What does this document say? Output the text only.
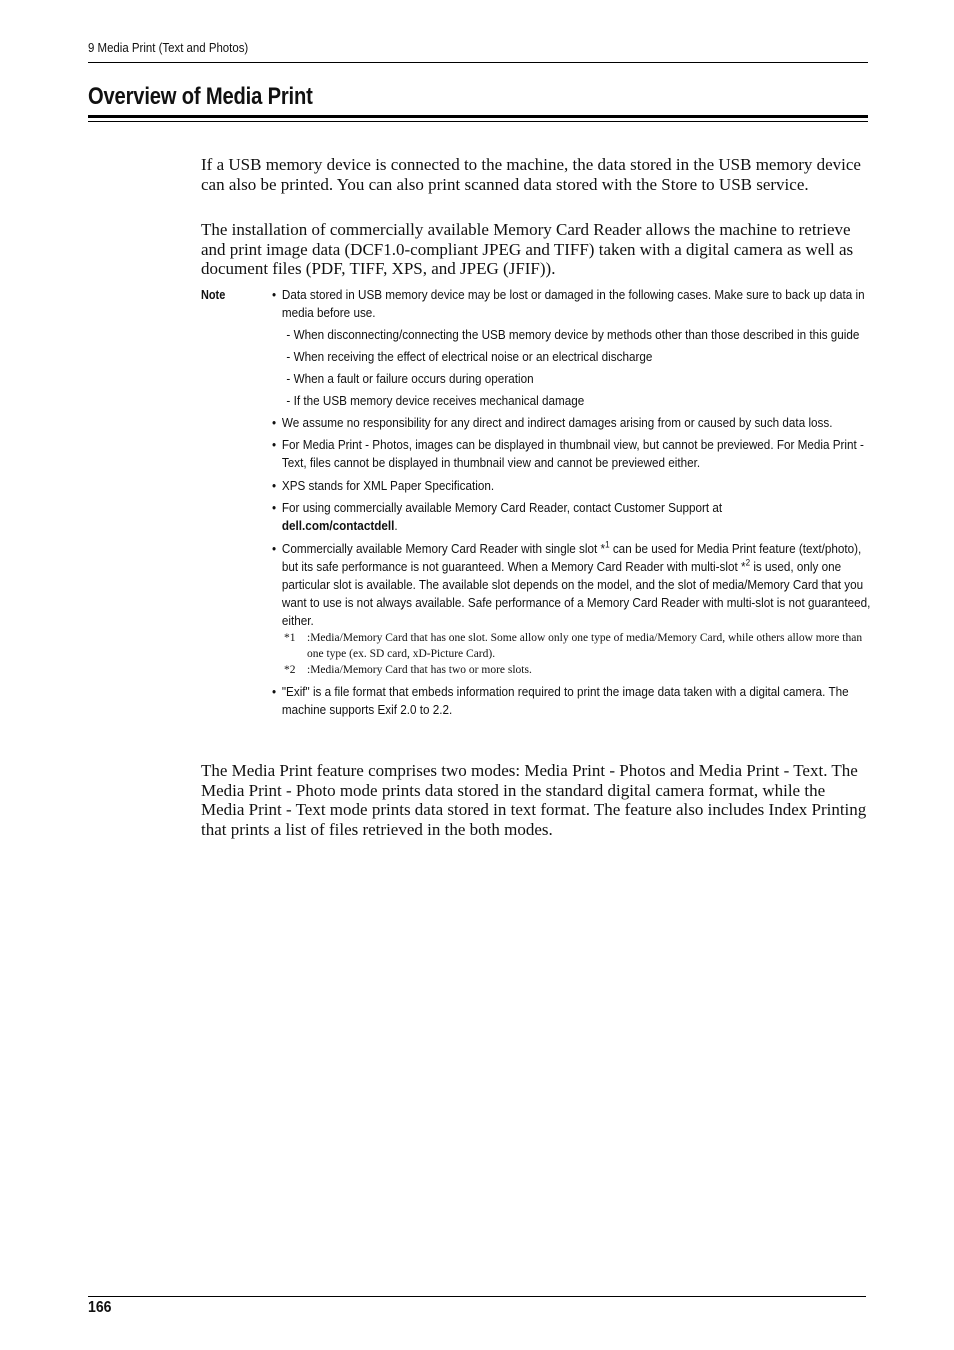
9 Media Print (Text and Photos)
Overview of Media Print

If a USB memory device is connected to the machine, the data stored in the USB memory device can also be printed. You can also print scanned data stored with the Store to USB service.

The installation of commercially available Memory Card Reader allows the machine to retrieve and print image data (DCF1.0-compliant JPEG and TIFF) taken with a digital camera as well as document files (PDF, TIFF, XPS, and JPEG (JFIF)).

Note	• Data stored in USB memory device may be lost or damaged in the following cases. Make sure to back up data in media before use.
- When disconnecting/connecting the USB memory device by methods other than those described in this guide
- When receiving the effect of electrical noise or an electrical discharge
- When a fault or failure occurs during operation
- If the USB memory device receives mechanical damage
• We assume no responsibility for any direct and indirect damages arising from or caused by such data loss.
• For Media Print - Photos, images can be displayed in thumbnail view, but cannot be previewed. For Media Print - Text, files cannot be displayed in thumbnail view and cannot be previewed either.
• XPS stands for XML Paper Specification.
• For using commercially available Memory Card Reader, contact Customer Support at
dell.com/contactdell.
• Commercially available Memory Card Reader with single slot *$^1$ can be used for Media Print feature (text/photo), but its safe performance is not guaranteed. When a Memory Card Reader with multi-slot *$^2$ is used, only one particular slot is available. The available slot depends on the model, and the slot of media/Memory Card that you want to use is not always available. Safe performance of a Memory Card Reader with multi-slot is not guaranteed, either.
*1 :Media/Memory Card that has one slot. Some allow only one type of media/Memory Card, while others allow more than one type (ex. SD card, xD-Picture Card).
*2 :Media/Memory Card that has two or more slots.
• "Exif" is a file format that embeds information required to print the image data taken with a digital camera. The machine supports Exif 2.0 to 2.2.

The Media Print feature comprises two modes: Media Print - Photos and Media Print - Text. The Media Print - Photo mode prints data stored in the standard digital camera format, while the Media Print - Text mode prints data stored in text format. The feature also includes Index Printing that prints a list of files retrieved in the both modes.

166
